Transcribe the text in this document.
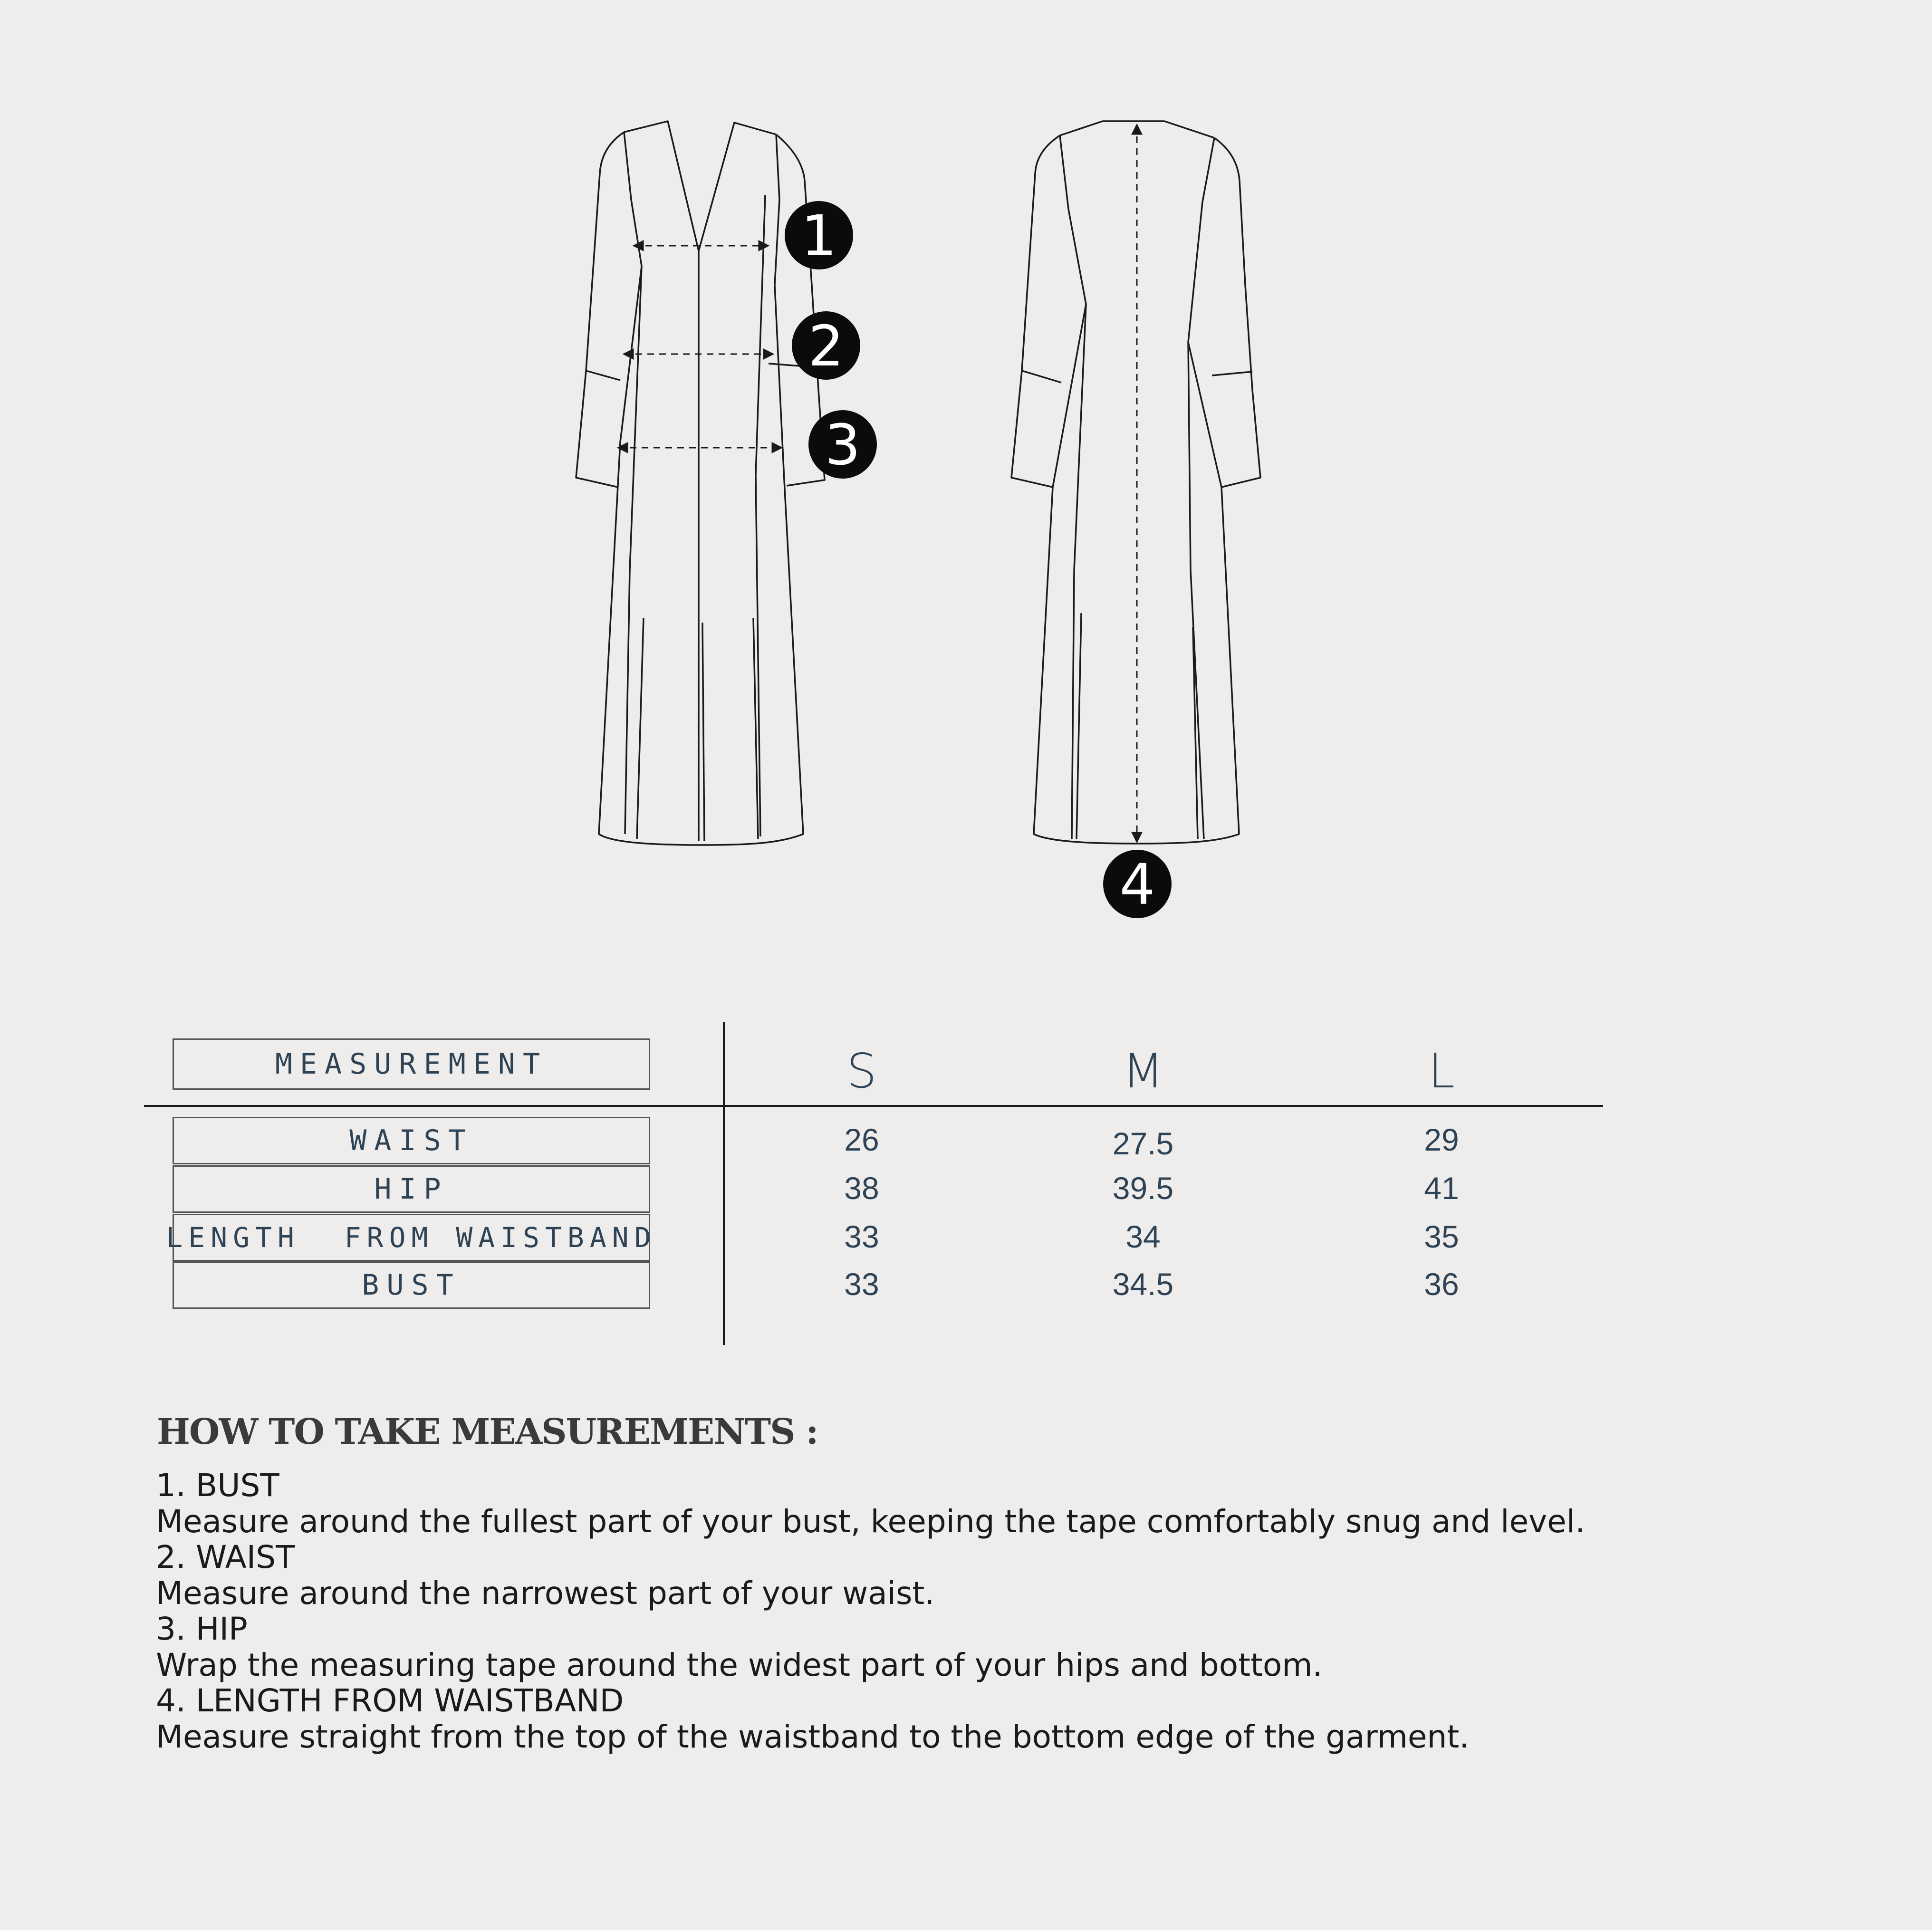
1
2
3
4
MEASUREMENT	S	M	L
WAIST	26	27.5	29
HIP	38	39.5	41
LENGTH  FROM WAISTBAND	33	34	35
BUST	33	34.5	36
HOW TO TAKE MEASUREMENTS :

1. BUST

Measure around the fullest part of your bust, keeping the tape comfortably snug and level.

2. WAIST

Measure around the narrowest part of your waist.

3. HIP

Wrap the measuring tape around the widest part of your hips and bottom.

4. LENGTH FROM WAISTBAND

Measure straight from the top of the waistband to the bottom edge of the garment.
